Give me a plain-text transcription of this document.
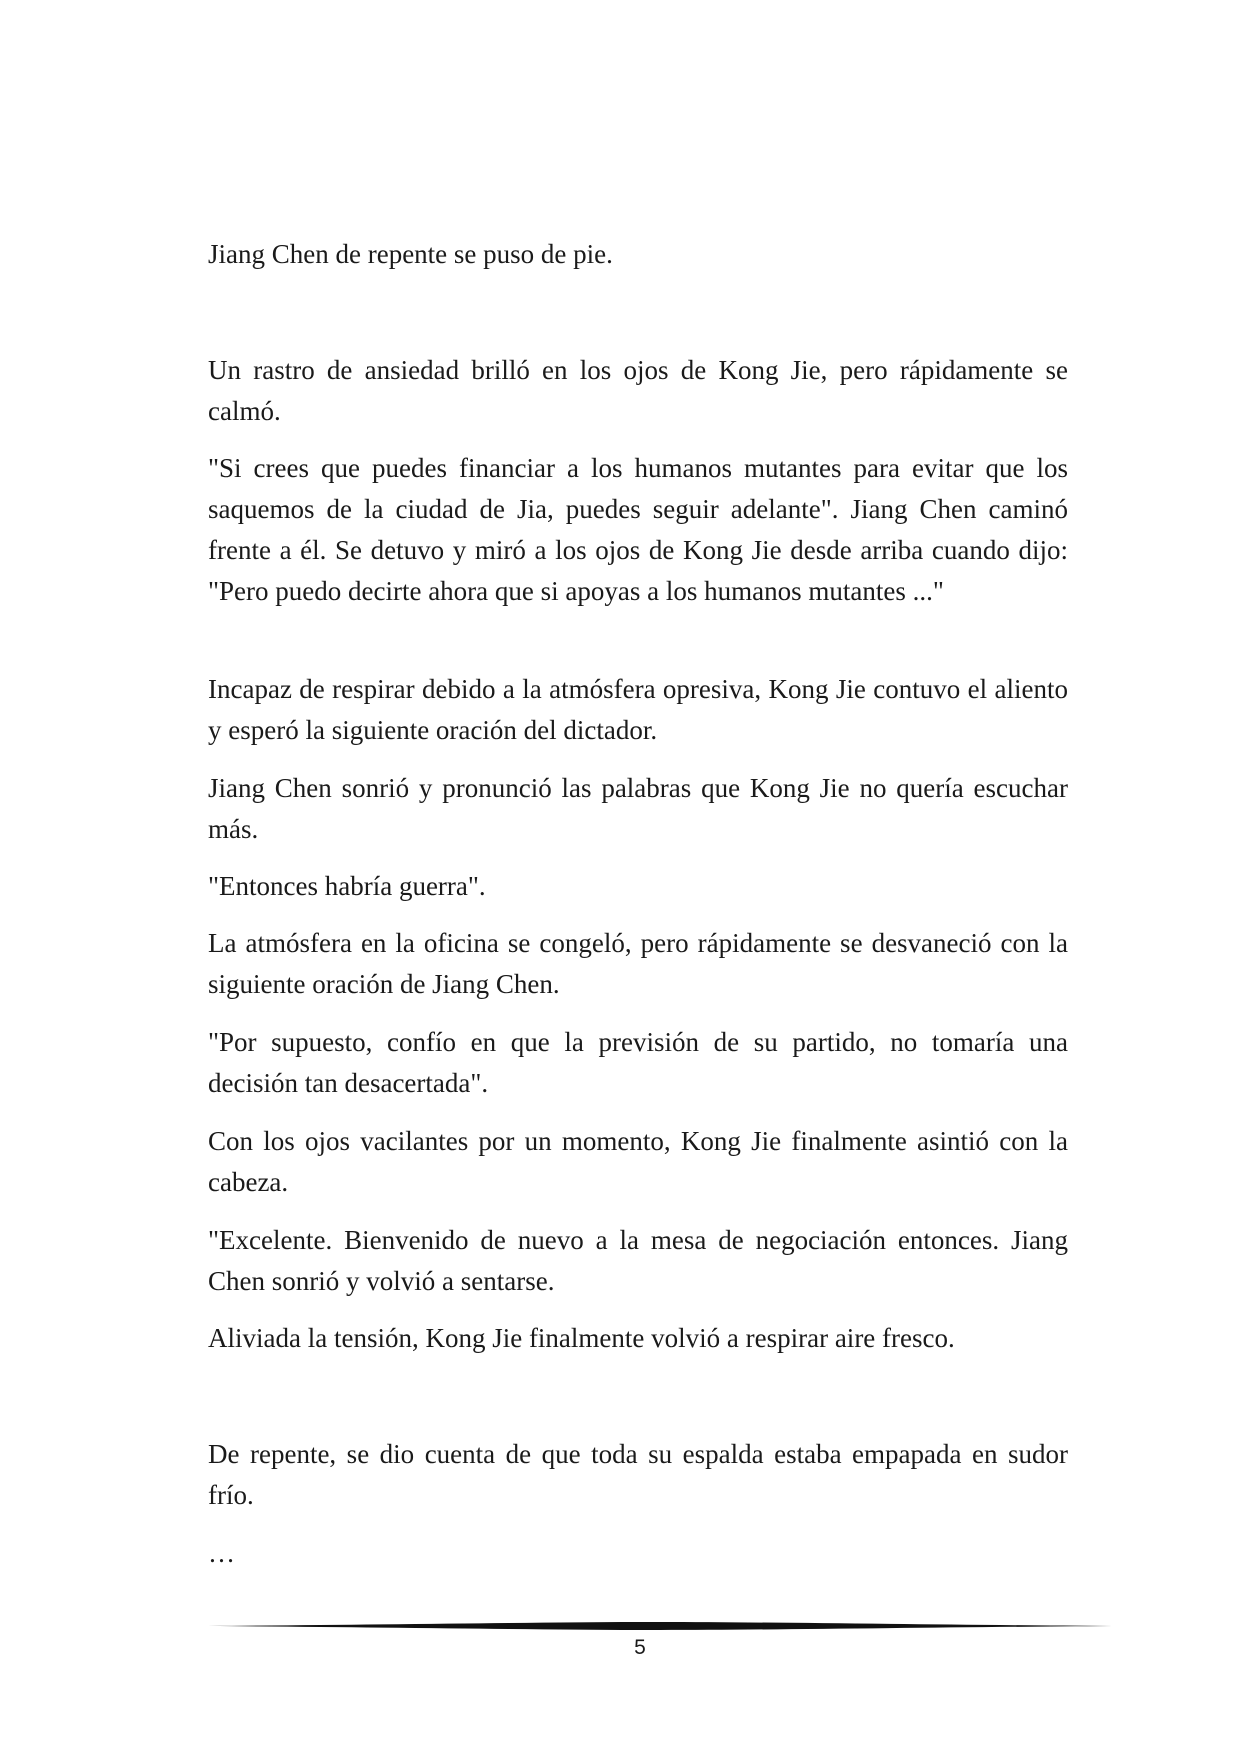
Jiang Chen de repente se puso de pie.

Un rastro de ansiedad brilló en los ojos de Kong Jie, pero rápidamente se calmó.

"Si crees que puedes financiar a los humanos mutantes para evitar que los saquemos de la ciudad de Jia, puedes seguir adelante". Jiang Chen caminó frente a él. Se detuvo y miró a los ojos de Kong Jie desde arriba cuando dijo: "Pero puedo decirte ahora que si apoyas a los humanos mutantes ..."

Incapaz de respirar debido a la atmósfera opresiva, Kong Jie contuvo el aliento y esperó la siguiente oración del dictador.

Jiang Chen sonrió y pronunció las palabras que Kong Jie no quería escuchar más.

"Entonces habría guerra".

La atmósfera en la oficina se congeló, pero rápidamente se desvaneció con la siguiente oración de Jiang Chen.

"Por supuesto, confío en que la previsión de su partido, no tomaría una decisión tan desacertada".

Con los ojos vacilantes por un momento, Kong Jie finalmente asintió con la cabeza.

"Excelente. Bienvenido de nuevo a la mesa de negociación entonces. Jiang Chen sonrió y volvió a sentarse.

Aliviada la tensión, Kong Jie finalmente volvió a respirar aire fresco.

De repente, se dio cuenta de que toda su espalda estaba empapada en sudor frío.

…

5
